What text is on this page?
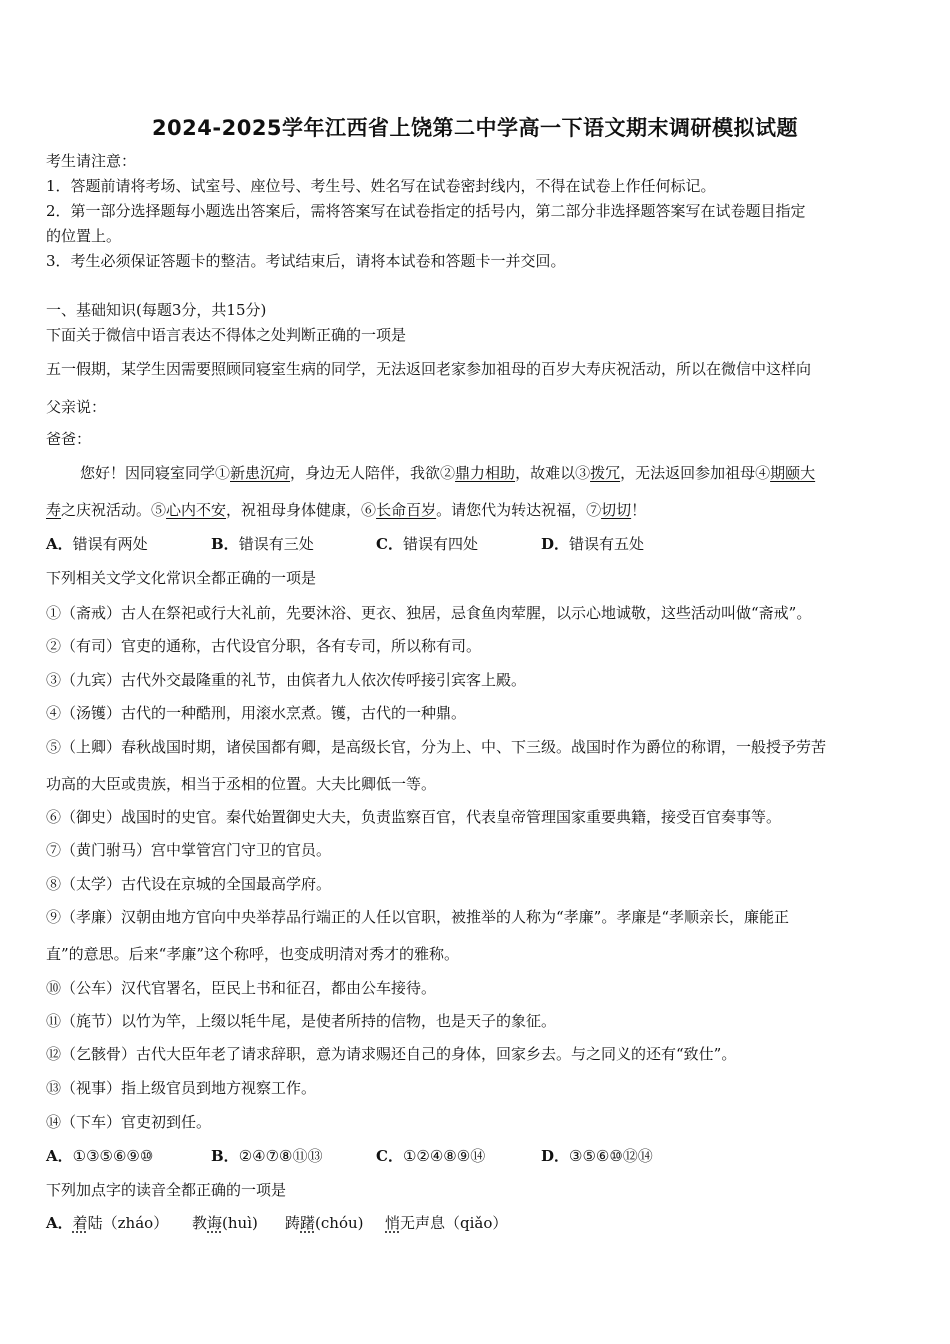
2024-2025学年江西省上饶第二中学高一下语文期末调研模拟试题
考生请注意：
1．答题前请将考场、试室号、座位号、考生号、姓名写在试卷密封线内，不得在试卷上作任何标记。
2．第一部分选择题每小题选出答案后，需将答案写在试卷指定的括号内，第二部分非选择题答案写在试卷题目指定
的位置上。
3．考生必须保证答题卡的整洁。考试结束后，请将本试卷和答题卡一并交回。
一、基础知识(每题3分，共15分)
下面关于微信中语言表达不得体之处判断正确的一项是
五一假期，某学生因需要照顾同寝室生病的同学，无法返回老家参加祖母的百岁大寿庆祝活动，所以在微信中这样向
父亲说：
爸爸：
您好！因同寝室同学①新患沉疴，身边无人陪伴，我欲②鼎力相助，故难以③拨冗，无法返回参加祖母④期颐大
寿之庆祝活动。⑤心内不安，祝祖母身体健康，⑥长命百岁。请您代为转达祝福，⑦切切！
A．错误有两处	B．错误有三处	C．错误有四处	D．错误有五处
下列相关文学文化常识全都正确的一项是
①（斋戒）古人在祭祀或行大礼前，先要沐浴、更衣、独居，忌食鱼肉荤腥，以示心地诚敬，这些活动叫做“斋戒”。
②（有司）官吏的通称，古代设官分职，各有专司，所以称有司。
③（九宾）古代外交最隆重的礼节，由傧者九人依次传呼接引宾客上殿。
④（汤镬）古代的一种酷刑，用滚水烹煮。镬，古代的一种鼎。
⑤（上卿）春秋战国时期，诸侯国都有卿，是高级长官，分为上、中、下三级。战国时作为爵位的称谓，一般授予劳苦
功高的大臣或贵族，相当于丞相的位置。大夫比卿低一等。
⑥（御史）战国时的史官。秦代始置御史大夫，负责监察百官，代表皇帝管理国家重要典籍，接受百官奏事等。
⑦（黄门驸马）宫中掌管宫门守卫的官员。
⑧（太学）古代设在京城的全国最高学府。
⑨（孝廉）汉朝由地方官向中央举荐品行端正的人任以官职，被推举的人称为“孝廉”。孝廉是“孝顺亲长，廉能正
直”的意思。后来“孝廉”这个称呼，也变成明清对秀才的雅称。
⑩（公车）汉代官署名，臣民上书和征召，都由公车接待。
⑪（旄节）以竹为竿，上缀以牦牛尾，是使者所持的信物，也是天子的象征。
⑫（乞骸骨）古代大臣年老了请求辞职，意为请求赐还自己的身体，回家乡去。与之同义的还有“致仕”。
⑬（视事）指上级官员到地方视察工作。
⑭（下车）官吏初到任。
A．①③⑤⑥⑨⑩	B．②④⑦⑧⑪⑬	C．①②④⑧⑨⑭	D．③⑤⑥⑩⑫⑭
下列加点字的读音全都正确的一项是
A．着陆（zháo） 教诲(huì) 踌躇(chóu) 悄无声息（qiǎo）
